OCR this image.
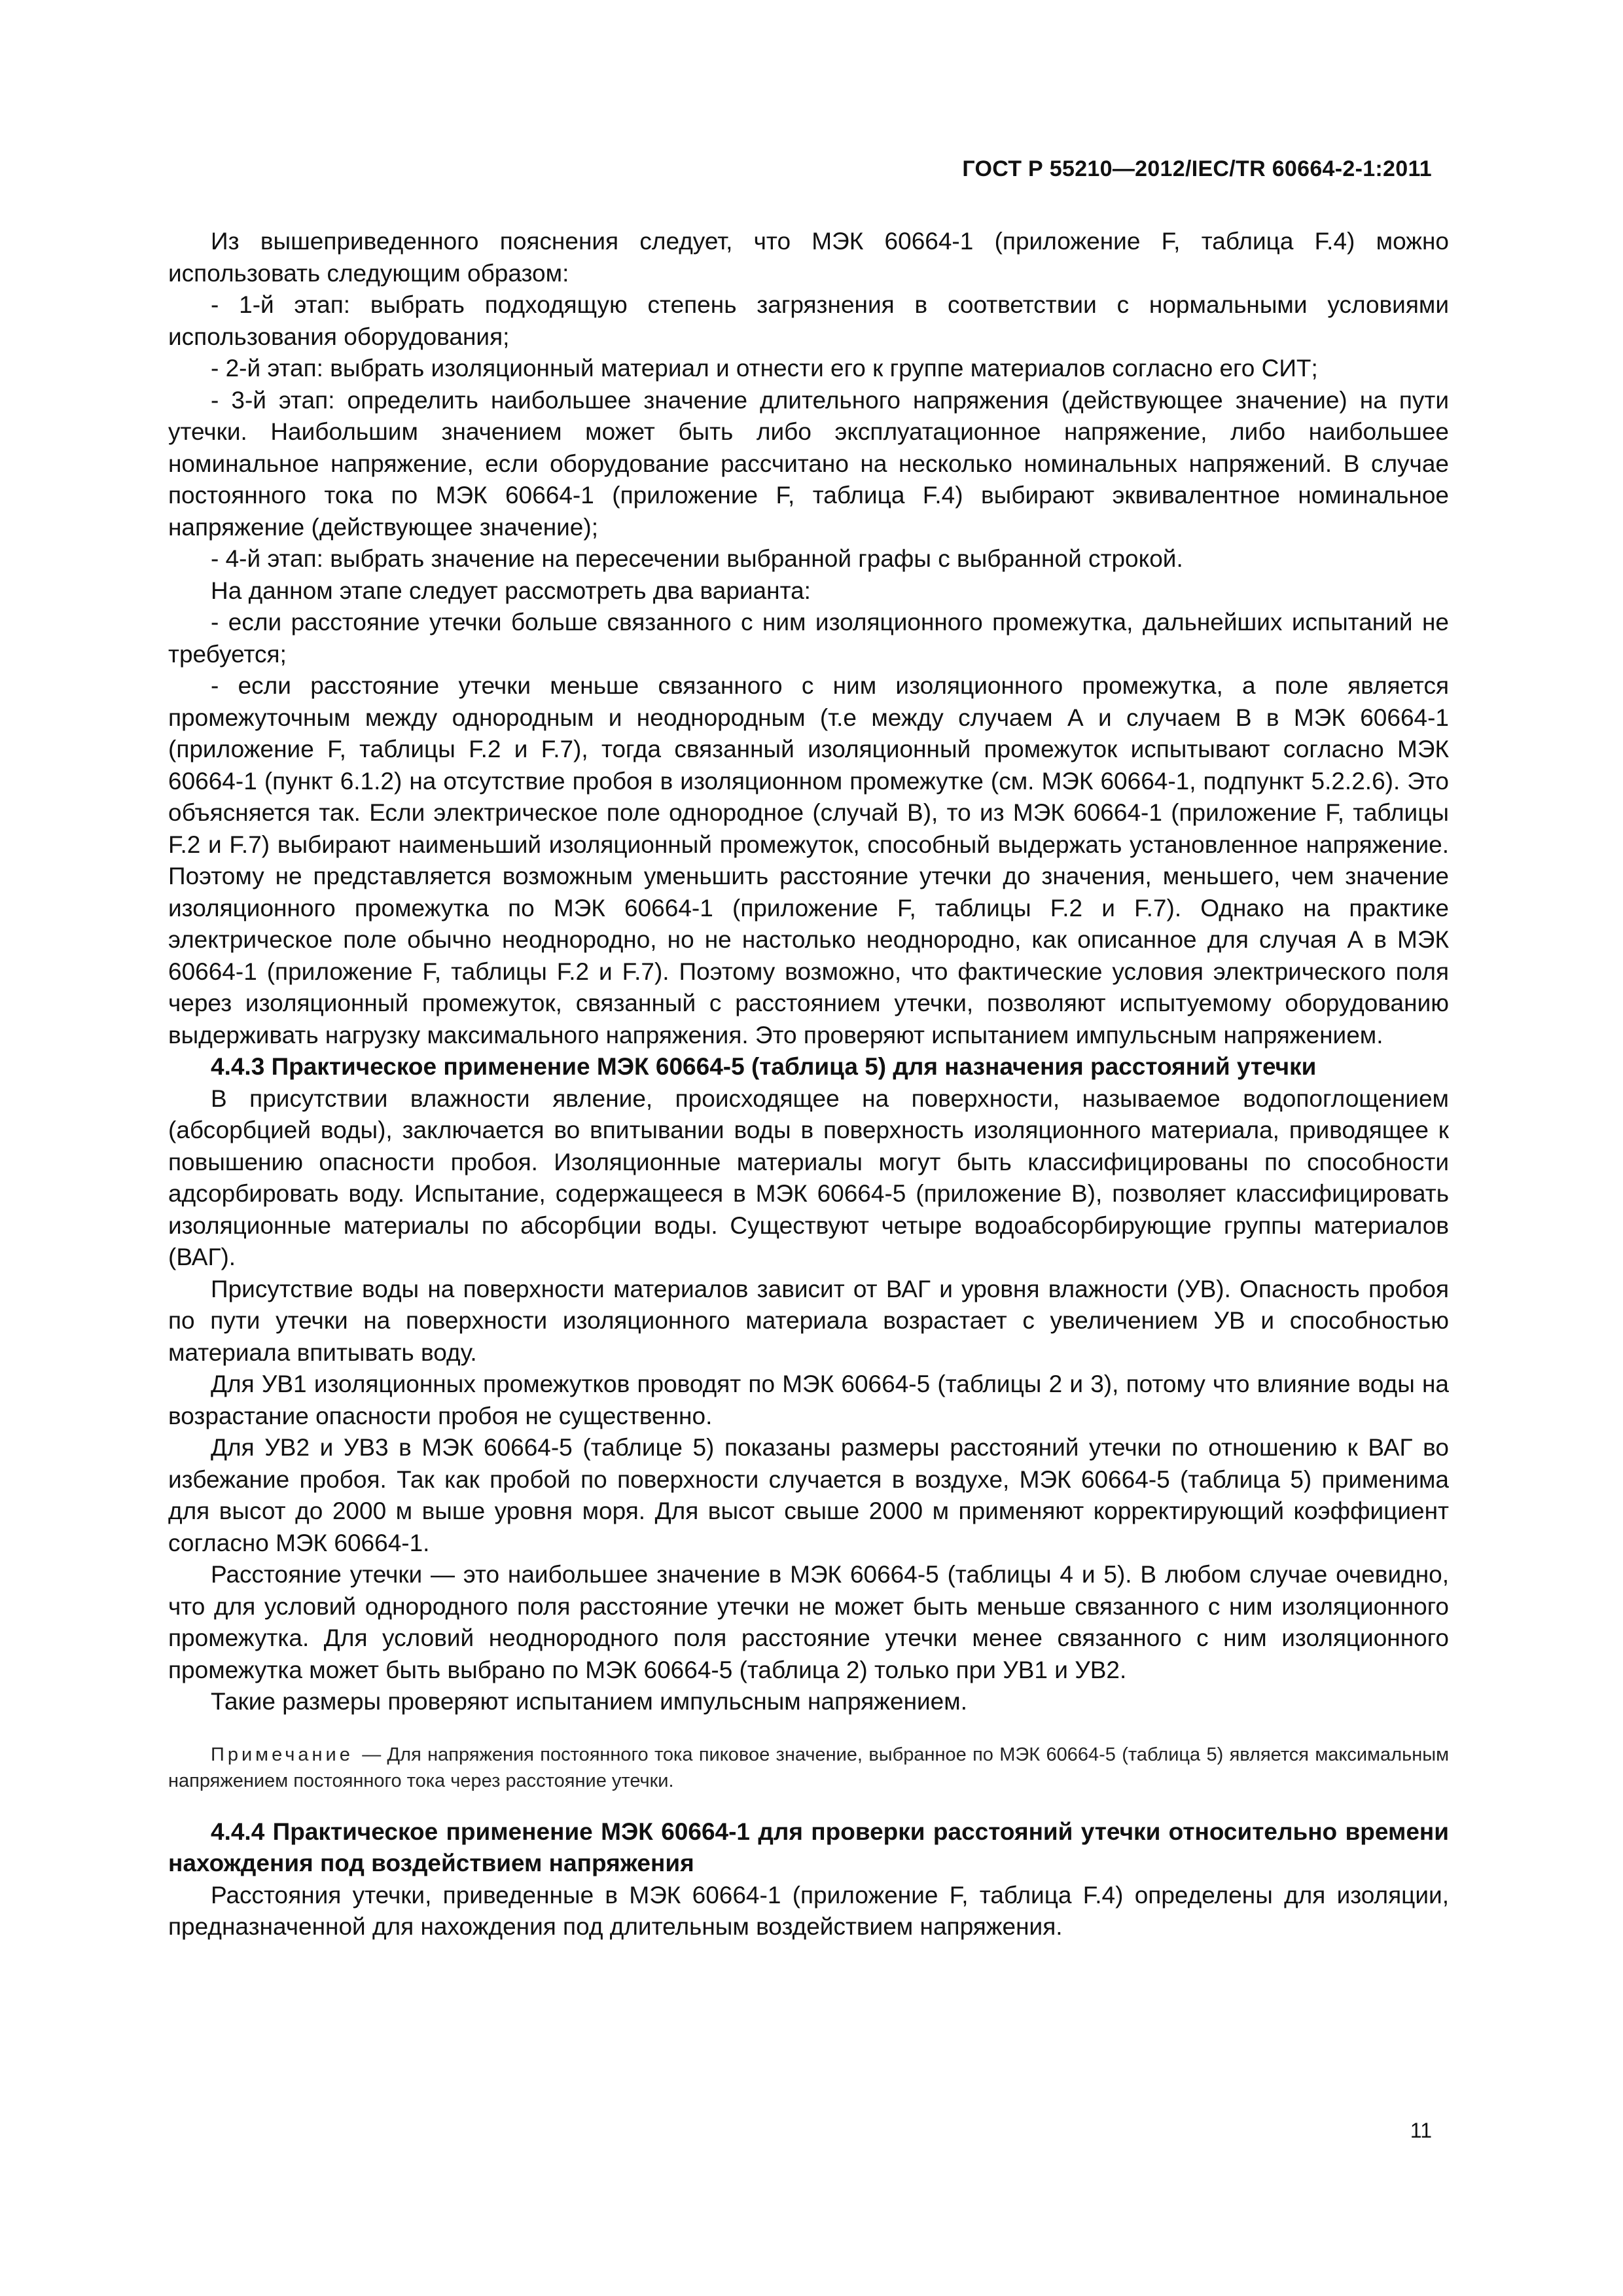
ГОСТ Р 55210—2012/IEC/TR 60664-2-1:2011

Из вышеприведенного пояснения следует, что МЭК 60664-1 (приложение F, таблица F.4) можно использовать следующим образом:

- 1-й этап: выбрать подходящую степень загрязнения в соответствии с нормальными условиями использования оборудования;

- 2-й этап: выбрать изоляционный материал и отнести его к группе материалов согласно его СИТ;

- 3-й этап: определить наибольшее значение длительного напряжения (действующее значение) на пути утечки. Наибольшим значением может быть либо эксплуатационное напряжение, либо наибольшее номинальное напряжение, если оборудование рассчитано на несколько номинальных напряжений. В случае постоянного тока по МЭК 60664-1 (приложение F, таблица F.4) выбирают эквивалентное номинальное напряжение (действующее значение);

- 4-й этап: выбрать значение на пересечении выбранной графы с выбранной строкой.

На данном этапе следует рассмотреть два варианта:

- если расстояние утечки больше связанного с ним изоляционного промежутка, дальнейших испытаний не требуется;

- если расстояние утечки меньше связанного с ним изоляционного промежутка, а поле является промежуточным между однородным и неоднородным (т.е между случаем А и случаем В в МЭК 60664-1 (приложение F, таблицы F.2 и F.7), тогда связанный изоляционный промежуток испытывают согласно МЭК 60664-1 (пункт 6.1.2) на отсутствие пробоя в изоляционном промежутке (см. МЭК 60664-1, подпункт 5.2.2.6). Это объясняется так. Если электрическое поле однородное (случай В), то из МЭК 60664-1 (приложение F, таблицы F.2 и F.7) выбирают наименьший изоляционный промежуток, способный выдержать установленное напряжение. Поэтому не представляется возможным уменьшить расстояние утечки до значения, меньшего, чем значение изоляционного промежутка по МЭК 60664-1 (приложение F, таблицы F.2 и F.7). Однако на практике электрическое поле обычно неоднородно, но не настолько неоднородно, как описанное для случая А в МЭК 60664-1 (приложение F, таблицы F.2 и F.7). Поэтому возможно, что фактические условия электрического поля через изоляционный промежуток, связанный с расстоянием утечки, позволяют испытуемому оборудованию выдерживать нагрузку максимального напряжения. Это проверяют испытанием импульсным напряжением.

4.4.3 Практическое применение МЭК 60664-5 (таблица 5) для назначения расстояний утечки

В присутствии влажности явление, происходящее на поверхности, называемое водопоглощением (абсорбцией воды), заключается во впитывании воды в поверхность изоляционного материала, приводящее к повышению опасности пробоя. Изоляционные материалы могут быть классифицированы по способности адсорбировать воду. Испытание, содержащееся в МЭК 60664-5 (приложение В), позволяет классифицировать изоляционные материалы по абсорбции воды. Существуют четыре водоабсорбирующие группы материалов (ВАГ).

Присутствие воды на поверхности материалов зависит от ВАГ и уровня влажности (УВ). Опасность пробоя по пути утечки на поверхности изоляционного материала возрастает с увеличением УВ и способностью материала впитывать воду.

Для УВ1 изоляционных промежутков проводят по МЭК 60664-5 (таблицы 2 и 3), потому что влияние воды на возрастание опасности пробоя не существенно.

Для УВ2 и УВ3 в МЭК 60664-5 (таблице 5) показаны размеры расстояний утечки по отношению к ВАГ во избежание пробоя. Так как пробой по поверхности случается в воздухе, МЭК 60664-5 (таблица 5) применима для высот до 2000 м выше уровня моря. Для высот свыше 2000 м применяют корректирующий коэффициент согласно МЭК 60664-1.

Расстояние утечки — это наибольшее значение в МЭК 60664-5 (таблицы 4 и 5). В любом случае очевидно, что для условий однородного поля расстояние утечки не может быть меньше связанного с ним изоляционного промежутка. Для условий неоднородного поля расстояние утечки менее связанного с ним изоляционного промежутка может быть выбрано по МЭК 60664-5 (таблица 2) только при УВ1 и УВ2.

Такие размеры проверяют испытанием импульсным напряжением.

Примечание — Для напряжения постоянного тока пиковое значение, выбранное по МЭК 60664-5 (таблица 5) является максимальным напряжением постоянного тока через расстояние утечки.

4.4.4 Практическое применение МЭК 60664-1 для проверки расстояний утечки относительно времени нахождения под воздействием напряжения

Расстояния утечки, приведенные в МЭК 60664-1 (приложение F, таблица F.4) определены для изоляции, предназначенной для нахождения под длительным воздействием напряжения.

11
